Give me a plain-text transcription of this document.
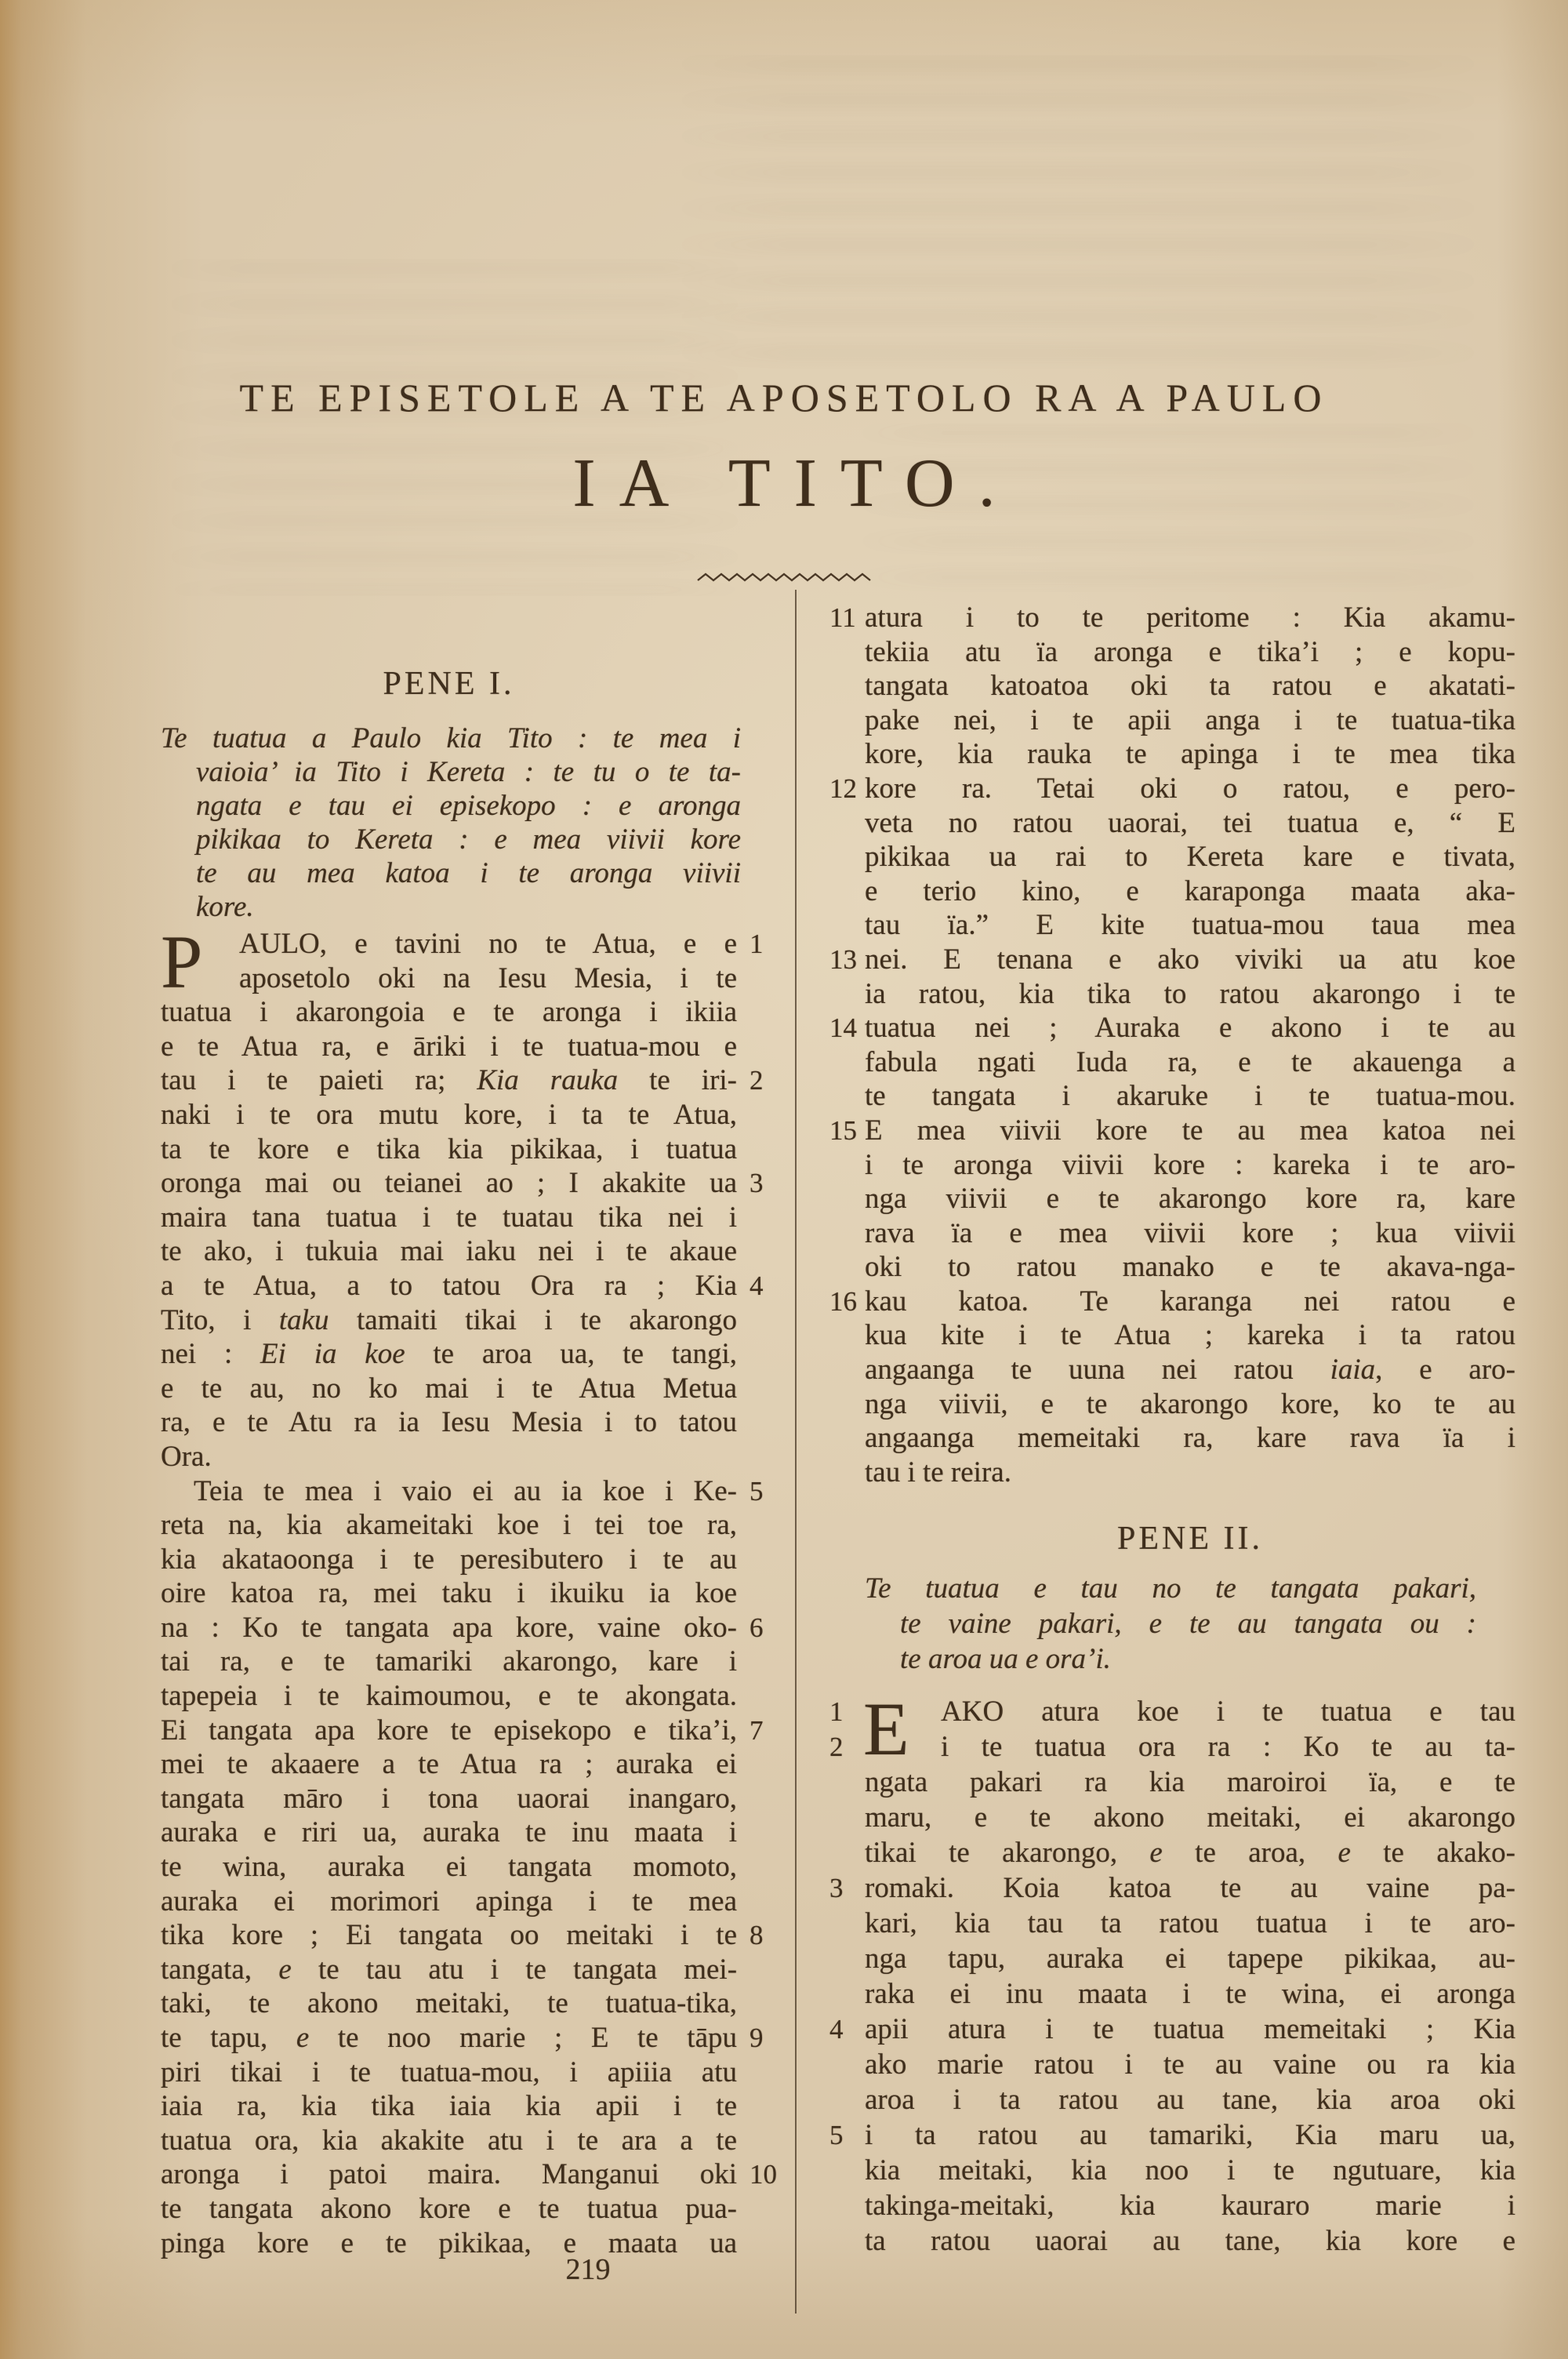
TE EPISETOLE A TE APOSETOLO RA A PAULO
IA TITO.
PENE I.
Te tuatua a Paulo kia Tito : te mea i
vaioia’ ia Tito i Kereta : te tu o te ta-
ngata e tau ei episekopo : e aronga
pikikaa to Kereta : e mea viivii kore
te au mea katoa i te aronga viivii
kore.
P	AULO, e tavini no te Atua, e e 1
aposetolo oki na Iesu Mesia, i te
tuatua i akarongoia e te aronga i ikiia
e te Atua ra, e āriki i te tuatua-mou e
tau i te paieti ra; Kia rauka te iri- 2
naki i te ora mutu kore, i ta te Atua,
ta te kore e tika kia pikikaa, i tuatua
oronga mai ou teianei ao ; I akakite ua 3
maira tana tuatua i te tuatau tika nei i
te ako, i tukuia mai iaku nei i te akaue
a te Atua, a to tatou Ora ra ; Kia 4
Tito, i taku tamaiti tikai i te akarongo
nei : Ei ia koe te aroa ua, te tangi,
e te au, no ko mai i te Atua Metua
ra, e te Atu ra ia Iesu Mesia i to tatou
Ora.
Teia te mea i vaio ei au ia koe i Ke- 5
reta na, kia akameitaki koe i tei toe ra,
kia akataoonga i te peresibutero i te au
oire katoa ra, mei taku i ikuiku ia koe
na : Ko te tangata apa kore, vaine oko- 6
tai ra, e te tamariki akarongo, kare i
tapepeia i te kaimoumou, e te akongata.
Ei tangata apa kore te episekopo e tika’i, 7
mei te akaaere a te Atua ra ; auraka ei
tangata māro i tona uaorai inangaro,
auraka e riri ua, auraka te inu maata i
te wina, auraka ei tangata momoto,
auraka ei morimori apinga i te mea
tika kore ; Ei tangata oo meitaki i te 8
tangata, e te tau atu i te tangata mei-
taki, te akono meitaki, te tuatua-tika,
te tapu, e te noo marie ; E te tāpu 9
piri tikai i te tuatua-mou, i apiiia atu
iaia ra, kia tika iaia kia apii i te
tuatua ora, kia akakite atu i te ara a te
aronga i patoi maira. Manganui oki 10
te tangata akono kore e te tuatua pua-
pinga kore e te pikikaa, e maata ua
atura i to te peritome : Kia akamu-
11
tekiia atu ïa aronga e tika’i ; e kopu-
tangata katoatoa oki ta ratou e akatati-
pake nei, i te apii anga i te tuatua-tika
kore, kia rauka te apinga i te mea tika
kore ra. Tetai oki o ratou, e pero-
12
veta no ratou uaorai, tei tuatua e, “ E
pikikaa ua rai to Kereta kare e tivata,
e terio kino, e karaponga maata aka-
tau ïa.” E kite tuatua-mou taua mea
nei. E tenana e ako viviki ua atu koe
13
ia ratou, kia tika to ratou akarongo i te
tuatua nei ; Auraka e akono i te au
14
fabula ngati Iuda ra, e te akauenga a
te tangata i akaruke i te tuatua-mou.
E mea viivii kore te au mea katoa nei
15
i te aronga viivii kore : kareka i te aro-
nga viivii e te akarongo kore ra, kare
rava ïa e mea viivii kore ; kua viivii
oki to ratou manako e te akava-nga-
kau katoa. Te karanga nei ratou e
16
kua kite i te Atua ; kareka i ta ratou
angaanga te uuna nei ratou iaia, e aro-
nga viivii, e te akarongo kore, ko te au
angaanga memeitaki ra, kare rava ïa i
tau i te reira.
PENE II.
Te tuatua e tau no te tangata pakari,
te vaine pakari, e te au tangata ou :
te aroa ua e ora’i.
E	AKO atura koe i te tuatua e tau
1
i te tuatua ora ra : Ko te au ta-
2
ngata pakari ra kia maroiroi ïa, e te
maru, e te akono meitaki, ei akarongo
tikai te akarongo, e te aroa, e te akako-
romaki. Koia katoa te au vaine pa-
3
kari, kia tau ta ratou tuatua i te aro-
nga tapu, auraka ei tapepe pikikaa, au-
raka ei inu maata i te wina, ei aronga
apii atura i te tuatua memeitaki ; Kia
4
ako marie ratou i te au vaine ou ra kia
aroa i ta ratou au tane, kia aroa oki
i ta ratou au tamariki, Kia maru ua,
5
kia meitaki, kia noo i te ngutuare, kia
takinga-meitaki, kia kauraro marie i
ta ratou uaorai au tane, kia kore e
219
